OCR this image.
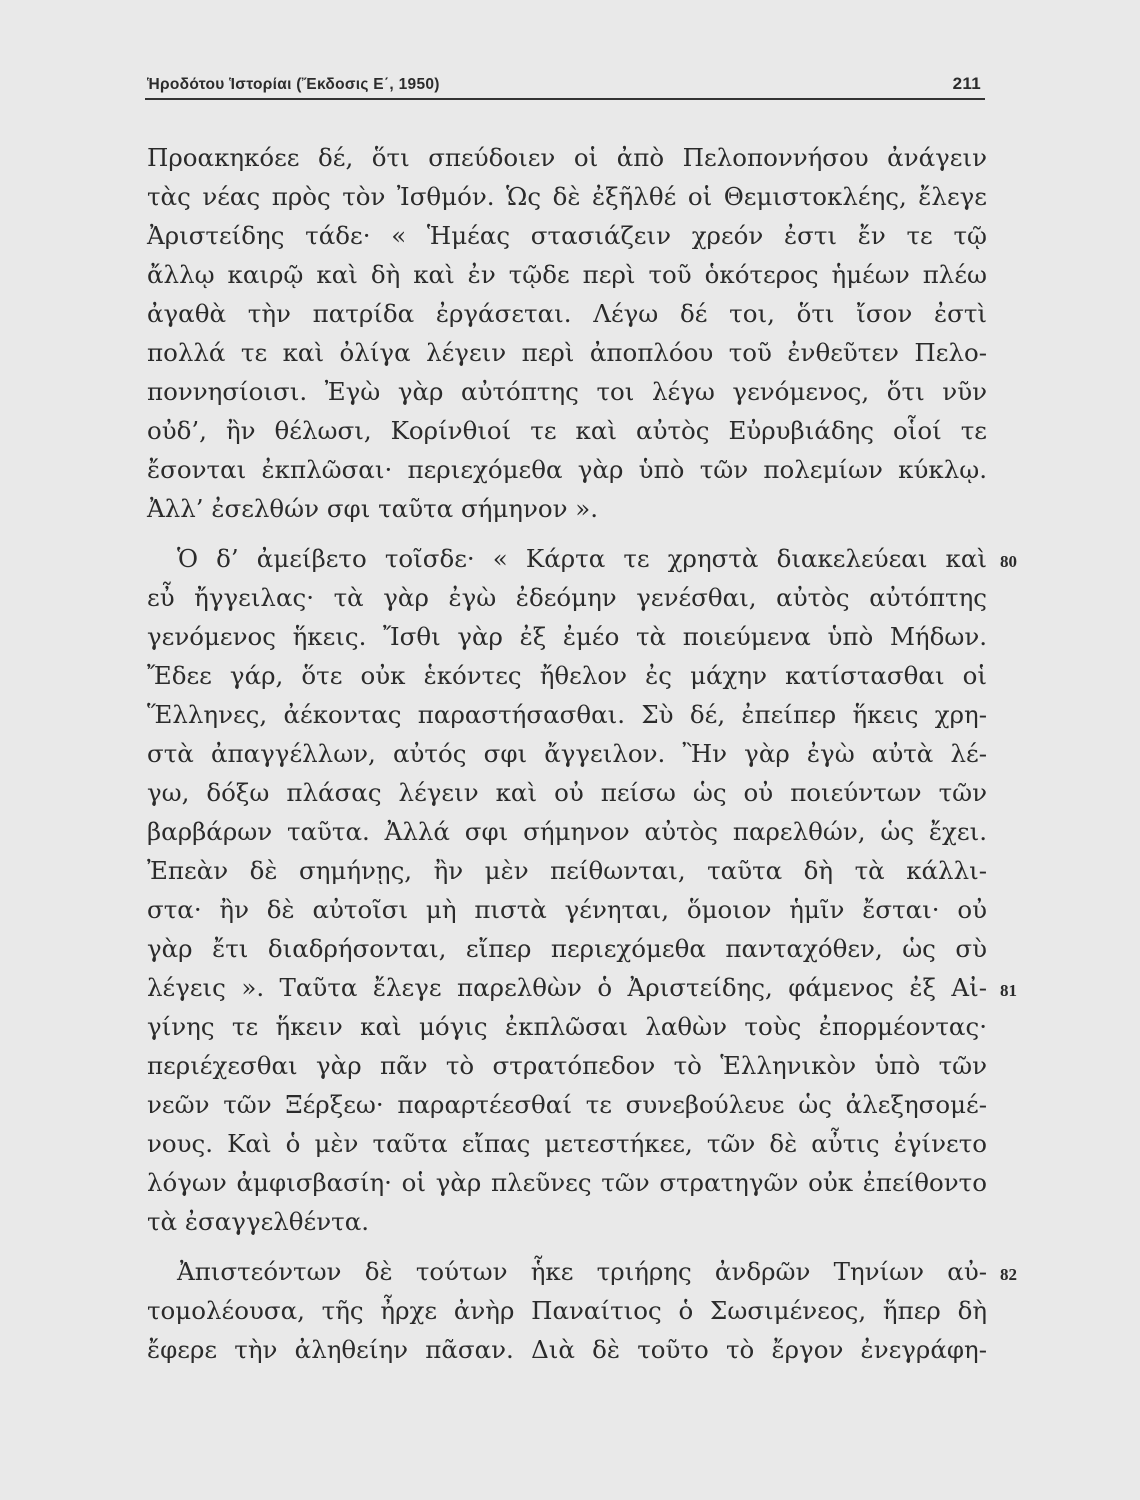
Ἡροδότου Ἱστορίαι (Ἔκδοσις Ε΄, 1950)	211
Προακηκόεε δέ, ὅτι σπεύδοιεν οἱ ἀπὸ Πελοποννήσου ἀνάγειν
τὰς νέας πρὸς τὸν Ἰσθμόν. Ὡς δὲ ἐξῆλθέ οἱ Θεμιστοκλέης, ἔλεγε
Ἀριστείδης τάδε· « Ἡμέας στασιάζειν χρεόν ἐστι ἔν τε τῷ
ἄλλῳ καιρῷ καὶ δὴ καὶ ἐν τῷδε περὶ τοῦ ὁκότερος ἡμέων πλέω
ἀγαθὰ τὴν πατρίδα ἐργάσεται. Λέγω δέ τοι, ὅτι ἴσον ἐστὶ
πολλά τε καὶ ὀλίγα λέγειν περὶ ἀποπλόου τοῦ ἐνθεῦτεν Πελο-
ποννησίοισι. Ἐγὼ γὰρ αὐτόπτης τοι λέγω γενόμενος, ὅτι νῦν
οὐδ’, ἢν θέλωσι, Κορίνθιοί τε καὶ αὐτὸς Εὐρυβιάδης οἷοί τε
ἔσονται ἐκπλῶσαι· περιεχόμεθα γὰρ ὑπὸ τῶν πολεμίων κύκλῳ.
Ἀλλ’ ἐσελθών σφι ταῦτα σήμηνον ».
Ὁ δ’ ἀμείβετο τοῖσδε· « Κάρτα τε χρηστὰ διακελεύεαι καὶ
εὖ ἤγγειλας· τὰ γὰρ ἐγὼ ἐδεόμην γενέσθαι, αὐτὸς αὐτόπτης
γενόμενος ἥκεις. Ἴσθι γὰρ ἐξ ἐμέο τὰ ποιεύμενα ὑπὸ Μήδων.
Ἔδεε γάρ, ὅτε οὐκ ἑκόντες ἤθελον ἐς μάχην κατίστασθαι οἱ
Ἕλληνες, ἀέκοντας παραστήσασθαι. Σὺ δέ, ἐπείπερ ἥκεις χρη-
στὰ ἀπαγγέλλων, αὐτός σφι ἄγγειλον. Ἢν γὰρ ἐγὼ αὐτὰ λέ-
γω, δόξω πλάσας λέγειν καὶ οὐ πείσω ὡς οὐ ποιεύντων τῶν
βαρβάρων ταῦτα. Ἀλλά σφι σήμηνον αὐτὸς παρελθών, ὡς ἔχει.
Ἐπεὰν δὲ σημήνῃς, ἢν μὲν πείθωνται, ταῦτα δὴ τὰ κάλλι-
στα· ἢν δὲ αὐτοῖσι μὴ πιστὰ γένηται, ὅμοιον ἡμῖν ἔσται· οὐ
γὰρ ἔτι διαδρήσονται, εἴπερ περιεχόμεθα πανταχόθεν, ὡς σὺ
λέγεις ». Ταῦτα ἔλεγε παρελθὼν ὁ Ἀριστείδης, φάμενος ἐξ Αἰ-
γίνης τε ἥκειν καὶ μόγις ἐκπλῶσαι λαθὼν τοὺς ἐπορμέοντας·
περιέχεσθαι γὰρ πᾶν τὸ στρατόπεδον τὸ Ἑλληνικὸν ὑπὸ τῶν
νεῶν τῶν Ξέρξεω· παραρτέεσθαί τε συνεβούλευε ὡς ἀλεξησομέ-
νους. Καὶ ὁ μὲν ταῦτα εἴπας μετεστήκεε, τῶν δὲ αὖτις ἐγίνετο
λόγων ἀμφισβασίη· οἱ γὰρ πλεῦνες τῶν στρατηγῶν οὐκ ἐπείθοντο
τὰ ἐσαγγελθέντα.
Ἀπιστεόντων δὲ τούτων ἧκε τριήρης ἀνδρῶν Τηνίων αὐ-
τομολέουσα, τῆς ἦρχε ἀνὴρ Παναίτιος ὁ Σωσιμένεος, ἥπερ δὴ
ἔφερε τὴν ἀληθείην πᾶσαν. Διὰ δὲ τοῦτο τὸ ἔργον ἐνεγράφη-
80
81
82
